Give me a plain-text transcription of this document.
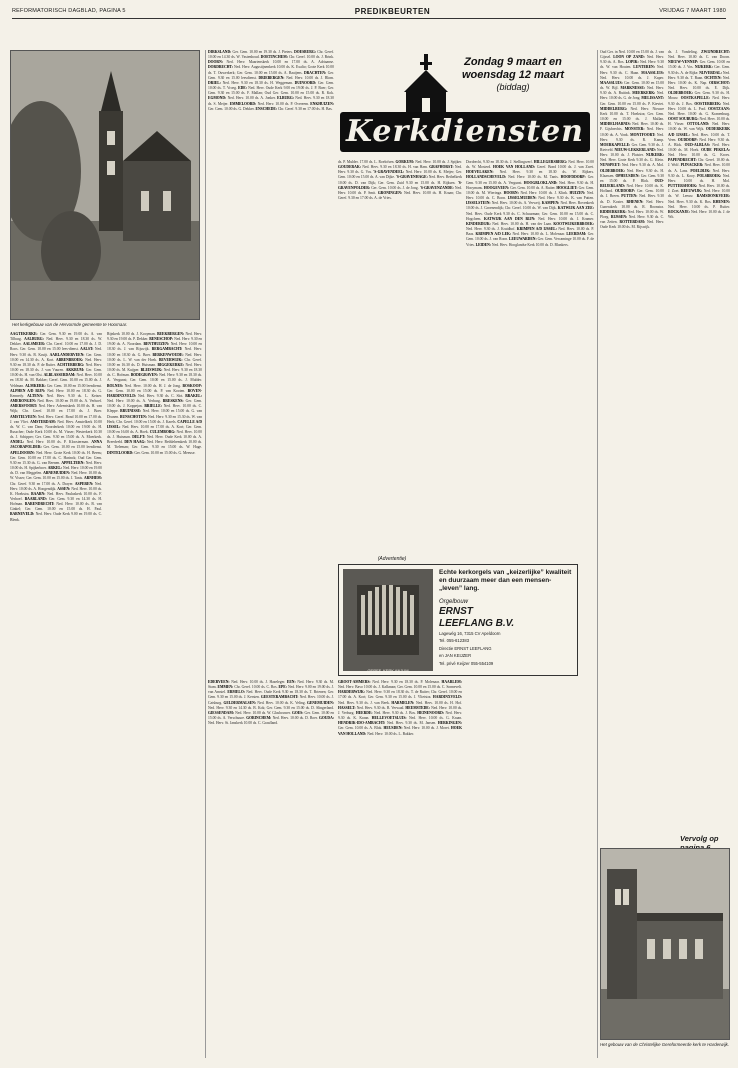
REFORMATORISCH DAGBLAD, PAGINA 5	PREDIKBEURTEN	VRIJDAG 7 MAART 1980
Het kerkgebouw van de Hervormde gemeente te Hoornaar.

AAGTEKERKE: Ger. Gem. 9.30 en 19.00 ds. A. van Tilburg. AALBURG: Ned. Herv. 9.30 en 18.30 ds. W. Dekker. AALSMEER: Chr. Geref. 10.00 en 17.00 ds. J. D. Roos. Ger. Gem. 10.00 en 15.00 lees-dienst. AALST: Ned. Herv. 9.30 ds. B. Kruijt. AARLANDERVEEN: Ger. Gem. 10.00 en 14.30 ds. A. Kort. ABBENBROEK: Ned. Herv. 9.30 en 18.30 ds. P. de Ruiter. ACHTERBERG: Ned. Herv. 10.00 en 18.30 ds. J. van Vuuren. AKKRUM: Ger. Gem. 10.00 ds. H. van Olst. ALBLASSERDAM: Ned. Herv. 10.00 en 18.30 ds. M. Bakker; Geref. Gem. 10.00 en 15.00 ds. J. Veldman. ALMKERK: Ger. Gem. 10.00 en 15.00 leesdienst. ALPHEN A/D RIJN: Ned. Herv. 10.00 en 18.30 ds. G. Kennedy. ALTENA: Ned. Herv. 9.30 ds. L. Keizer. AMERONGEN: Ned. Herv. 10.00 en 19.00 ds. A. Verhoef. AMERSFOORT: Ned. Herv. Adventskerk 10.00 ds. H. van Wijk; Chr. Geref. 10.00 en 17.00 ds. J. Boer. AMSTELVEEN: Ned. Herv. Geref. Bond 10.00 en 17.00 ds. J. van Vliet. AMSTERDAM: Ned. Herv. Amstelkerk 10.00 ds. W. C. van Dam; Noorderkerk 10.00 en 19.00 ds. H. Russcher; Oude Kerk 10.00 ds. M. Visser; Westerkerk 10.30 ds. J. Schipper; Ger. Gem. 9.30 en 15.00 ds. A. Moerkerk. ANDEL: Ned. Herv. 10.00 ds. P. Kloosterman. ANNA JACOBAPOLDER: Ger. Gem. 10.00 en 15.00 leesdienst. APELDOORN: Ned. Herv. Grote Kerk 10.00 ds. H. Beens; Ger. Gem. 10.00 en 17.00 ds. C. Harinck; Oud Ger. Gem. 9.30 en 15.30 ds. G. van Reenen. APPELTERN: Ned. Herv. 10.00 ds. H. Spijkerboer. ARKEL: Ned. Herv. 10.00 en 19.00 ds. D. van Meggelen. ARNEMUIDEN: Ned. Herv. 10.00 ds. W. Visser; Ger. Gem. 10.00 en 15.00 ds. J. Tanis. ARNHEM: Chr. Geref. 9.30 en 17.00 ds. A. Drayer. ASPEREN: Ned. Herv. 10.00 ds. A. Hoogendijk. ASSEN: Ned. Herv. 10.00 ds. K. Hoekstra. BAARN: Ned. Herv. Pauluskerk 10.00 ds. F. Verhoef. BAARLAND: Ger. Gem. 9.30 en 14.30 ds. H. Hofman. BARENDRECHT: Ned. Herv. 10.00 ds. B. van Ginkel; Ger. Gem. 10.00 en 15.00 ds. H. Paul. BARNEVELD: Ned. Herv. Oude Kerk 9.00 en 19.00 ds. C. Blenk.

Rijnkerk 10.00 ds. J. Kooyman. BEEKBERGEN: Ned. Herv. 9.30 en 19.00 ds. P. Dekker. BENESCHOP: Ned. Herv. 9.30 en 19.00 ds. A. Noordam. BENTHUIZEN: Ned. Herv. 10.00 en 18.30 ds. J. van Rijswijk. BERGAMBACHT: Ned. Herv. 10.00 en 18.30 ds. G. Boer. BERKENWOUDE: Ned. Herv. 10.00 ds. L. W. van der Hoek. BEVERWIJK: Chr. Geref. 10.00 en 16.30 ds. D. Huisman. BIGGEKERKE: Ned. Herv. 10.00 ds. M. Kuijper. BLEISWIJK: Ned. Herv. 9.30 en 18.30 ds. C. Hofman. BODEGRAVEN: Ned. Herv. 9.30 en 18.30 ds. A. Vergunst; Ger. Gem. 10.00 en 15.00 ds. J. Mulder. BOLNES: Ned. Herv. 10.00 ds. H. J. de Jong. BOSKOOP: Ger. Gem. 10.00 en 15.00 ds. P. van Kooten. BOVEN-HARDINXVELD: Ned. Herv. 9.30 ds. C. Slot. BRAKEL: Ned. Herv. 10.00 ds. A. Verburg. BRESKENS: Ger. Gem. 10.00 ds. J. Koppejan. BRIELLE: Ned. Herv. 10.00 ds. C. Kleppe. BRUINISSE: Ned. Herv. 10.00 en 15.00 ds. G. van Drunen. BUNSCHOTEN: Ned. Herv. 9.30 en 15.30 ds. W. van Herk; Chr. Geref. 10.00 en 15.00 ds. J. Karels. CAPELLE A/D IJSSEL: Ned. Herv. 10.00 en 17.00 ds. A. Kort; Ger. Gem. 10.00 en 16.00 ds. A. Hoek. CULEMBORG: Ned. Herv. 10.00 ds. J. Huisman. DELFT: Ned. Herv. Oude Kerk 10.00 ds. A. Breedveld. DEN HAAG: Ned. Herv. Bethlehemkerk 10.00 ds. M. Tieleman; Ger. Gem. 9.30 en 15.00 ds. W. Hage. DINTELOORD: Ger. Gem. 10.00 en 15.00 ds. G. Meeuse.

DIRKSLAND: Ger. Gem. 10.00 en 19.30 ds. J. Pieters. DOESBURG: Chr. Geref. 10.00 en 14.30 ds. W. Vastenhoud. DOETINCHEM: Chr. Geref. 10.00 ds. J. Brink. DOORN: Ned. Herv. Maartenskerk 10.00 en 17.00 ds. A. Adriaanse. DORDRECHT: Ned. Herv. Augustijnenkerk 10.00 ds. K. Exalto; Grote Kerk 10.00 ds. T. Ouwerkerk; Ger. Gem. 10.00 en 15.00 ds. A. Baaijens. DRACHTEN: Ger. Gem. 9.30 en 15.00 leesdienst. DRIEBERGEN: Ned. Herv. 10.00 ds. J. Blom. DRIEL: Ned. Herv. 9.30 en 18.30 ds. H. Weggeman. DUINOORD: Ger. Gem. 10.00 ds. T. Vroeg. EDE: Ned. Herv. Oude Kerk 9.00 en 19.00 ds. J. P. Boer; Ger. Gem. 9.30 en 15.00 ds. F. Mallan; Oud Ger. Gem. 10.00 en 15.00 ds. R. Kok. EGMOND: Ned. Herv. 10.00 ds. A. Jonker. ELBURG: Ned. Herv. 9.30 en 18.30 ds. S. Meijer. EMMELOORD: Ned. Herv. 10.00 ds. P. Overeem. ENKHUIZEN: Ger. Gem. 10.00 ds. G. Dekker. ENSCHEDE: Chr. Geref. 9.30 en 17.00 ds. H. Bas.

Zondag 9 maart en
woensdag 12 maart
(biddag)
Kerkdiensten

ds. P. Mulder. 17.00 ds. L. Roelofsen. GORKUM: Ned. Herv. 10.00 ds. J. Spijker. GOUDERAK: Ned. Herv. 9.30 en 18.30 ds. H. van Ham. GRAFHORST: Ned. Herv. 9.30 ds. G. Vos. 'S-GRAVENDEEL: Ned. Herv. 10.00 ds. K. Meijer; Ger. Gem. 10.00 en 15.00 ds. A. van Dijke. 'S-GRAVENHAGE: Ned. Herv. Bethelkerk 10.00 ds. D. van Dijk; Ger. Gem. Zuid 9.30 en 15.00 ds. H. Rijksen. 'S-GRAVENPOLDER: Ger. Gem. 10.00 ds. J. de Jong. 'S-GRAVENZANDE: Ned. Herv. 10.00 ds. P. Smit. GRONINGEN: Ned. Herv. 10.00 ds. H. Kraan; Chr. Geref. 9.30 en 17.00 ds. A. de Vries.

Dordrecht, 9.30 en 18.30 ds. J. Stellingwerf. HILLEGERSBERG: Ned. Herv. 10.00 ds. W. Mosterd. HOEK VAN HOLLAND: Geref. Bond 10.00 ds. J. van Zwet. HOEVELAKEN: Ned. Herv. 9.30 en 18.30 ds. W. Rijkers. HOLLANDSCHEVELD: Ned. Herv. 10.00 ds. M. Tanis. HOOFDDORP: Ger. Gem. 9.30 en 15.00 ds. A. Vergunst. HOOGBLOKLAND: Ned. Herv. 9.30 ds. H. Hooymans. HOOGEVEEN: Ger. Gem. 10.00 ds. A. Ruiter. HOOGLIET: Ger. Gem. 10.00 ds. M. Wieringa. HOORN: Ned. Herv. 10.00 ds. J. Klink. HUIZEN: Ned. Herv. 10.00 ds. C. Boon. IJSSELMUIDEN: Ned. Herv. 9.30 ds. K. van Putten. IJSSELSTEIN: Ned. Herv. 10.00 ds. A. Verweij. KAMPEN: Ned. Herv. Bovenkerk 10.00 ds. J. Groenendijk; Chr. Geref. 10.00 ds. W. van Dijk. KATWIJK AAN ZEE: Ned. Herv. Oude Kerk 9.30 ds. C. Schuurman; Ger. Gem. 10.00 en 15.00 ds. C. Hogchem. KATWIJK AAN DEN RIJN: Ned. Herv. 10.00 ds. J. Kramer. KINDERDIJK: Ned. Herv. 10.00 ds. H. van der Laan. KOOTWIJKERBROEK: Ned. Herv. 9.30 ds. J. Kruidhof. KRIMPEN A/D IJSSEL: Ned. Herv. 10.00 ds. P. Baas. KRIMPEN A/D LEK: Ned. Herv. 10.00 ds. L. Molenaar. LEERDAM: Ger. Gem. 10.00 ds. J. van Roon. LEEUWARDEN: Ger. Gem. Vercaminge 10.00 ds. F. de Vries. LEIDEN: Ned. Herv. Hooglandse Kerk 10.00 ds. D. Blankers.

(Advertentie)
GEREF. KERK ANJUM
Echte kerkorgels van „keizerlijke” kwaliteit en duurzaam meer dan een mensen-„leven” lang.
Orgelbouw
ERNST
LEEFLANG B.V.
Lagewég 16, 7315 CV Apeldoorn
Tel. 055-612383
Directie ERNST LEEFLANG
en JAN KEIJZER
Tel. privé Keijzer 055-554109

EDERVEEN: Ned. Herv. 10.00 ds. J. Hazeleger. EEN: Ned. Herv. 9.30 ds. M. Stam. EMMEN: Chr. Geref. 10.00 ds. C. Bos. EPE: Ned. Herv. 9.00 en 19.00 ds. J. van Amstel. ERMELO: Ned. Herv. Oude Kerk 9.30 en 18.30 ds. T. Brienen; Ger. Gem. 9.30 en 15.00 ds. J. Kersten. GEESTERAMBACHT: Ned. Herv. 10.00 ds. J. Catsburg. GELDERMALSEN: Ned. Herv. 10.00 ds. K. Veling. GENEMUIDEN: Ned. Herv. 9.30 en 14.30 ds. B. Kok; Ger. Gem. 9.30 en 15.00 ds. D. Slingerland. GIESSENDAM: Ned. Herv. 10.00 ds. W. Glashouwer. GOES: Ger. Gem. 10.00 en 15.00 ds. A. Verschuure. GORINCHEM: Ned. Herv. 10.00 ds. D. Boer. GOUDA: Ned. Herv. St. Janskerk 10.00 ds. C. Graafland.

GROOT-AMMERS: Ned. Herv. 9.30 en 18.30 ds. P. Molenaar. HAARLEM: Ned. Herv. Bavo 10.00 ds. J. Kalkman; Ger. Gem. 10.00 en 15.00 ds. C. Sonnevelt. HARDERWIJK: Ned. Herv. 9.30 en 18.30 ds. T. de Ruiter; Chr. Geref. 10.00 en 17.00 ds. A. Kort; Ger. Gem. 9.30 en 15.00 ds. J. Vlietstra. HARDINXVELD: Ned. Herv. 9.30 ds. J. van Beek. HARMELEN: Ned. Herv. 10.00 ds. H. Hof. HASSELT: Ned. Herv. 9.30 ds. B. Verwaal. HEEMSTEDE: Ned. Herv. 10.00 ds. J. Verburg. HEERDE: Ned. Herv. 9.30 ds. J. Bos. HEINENOORD: Ned. Herv. 9.30 ds. K. Kraan. HELLEVOETSLUIS: Ned. Herv. 10.00 ds. G. Kraan. HENDRIK-IDO-AMBACHT: Ned. Herv. 9.30 ds. M. Jansen. HERKINGEN: Ger. Gem. 10.00 ds. A. Blok. HEUSDEN: Ned. Herv. 10.00 ds. J. Moret. HOEK VAN HOLLAND: Ned. Herv. 10.00 ds. L. Bakker.

Oud Ger. in Ned. 10.00 en 15.00 ds. J. van Gijssel. LOON OP ZAND: Ned. Herv. 9.30 ds. A. Bos. LOPIK: Ned. Herv. 9.30 ds. W. van Houten. LUNTEREN: Ned. Herv. 9.30 ds. C. Haan. MAASSLUIS: Ned. Herv. 10.00 ds. J. Kaper. MAASSLUIS: Ger. Gem. 10.00 en 15.00 ds. W. Bijl. MARKNESSE: Ned. Herv. 9.30 ds. A. Buitink. MEERKERK: Ned. Herv. 10.00 ds. G. de Jong. MELISSANT: Ger. Gem. 10.00 en 15.00 ds. P. Kieviet. MIDDELBURG: Ned. Herv. Nieuwe Kerk 10.00 ds. T. Hoekstra; Ger. Gem. 10.00 en 15.00 ds. J. Mallan. MIDDELHARNIS: Ned. Herv. 10.00 ds. F. Gijsbrechts. MONSTER: Ned. Herv. 10.00 ds. A. Vonk. MONTFOORT: Ned. Herv. 9.30 ds. R. Kamp. MOERKAPELLE: Ger. Gem. 9.30 ds. J. Rietveld. NIEUW-LEKKERLAND: Ned. Herv. 10.00 ds. J. Plaisier. NIJKERK: Ned. Herv. Grote Kerk 9.30 ds. G. Klein. NUNSPEET: Ned. Herv. 9.30 ds. A. Mol. OLDEBROEK: Ned. Herv. 9.30 ds. H. Klaassen. OPHEUSDEN: Ger. Gem. 9.30 en 15.00 ds. P. Blok. OUD-BEIJERLAND: Ned. Herv. 10.00 ds. K. Hofland. OUDDORP: Ger. Gem. 10.00 ds. J. Breen. PUTTEN: Ned. Herv. 9.30 ds. D. Koster. RHENEN: Ned. Herv. Cunerakerk 10.00 ds. R. Boonstra. RIDDERKERK: Ned. Herv. 10.00 ds. W. Ploeg. RIJSSEN: Ned. Herv. 9.30 ds. C. van Zetten. ROTTERDAM: Ned. Herv. Oude Kerk 10.00 ds. M. Rijswijk.

ds. J. Vondeling. ZWIJNDRECHT: Ned. Herv. 10.00 ds. C. van Doorn. NIEUW-VENNEP: Ger. Gem. 10.00 en 15.00 ds. J. Vos. NIJKERK: Ger. Gem. 9.30 ds. A. de Rijke. NIJVERDAL: Ned. Herv. 9.30 ds. T. Baan. OCHTEN: Ned. Herv. 10.00 ds. K. Nap. OIRSCHOT: Ned. Herv. 10.00 ds. E. Dijk. OLDEBROEK: Ger. Gem. 9.30 ds. H. Mouw. OOSTKAPELLE: Ned. Herv. 9.30 ds. J. Bos. OOSTERBEEK: Ned. Herv. 10.00 ds. L. Pool. OOSTZAAN: Ned. Herv. 10.00 ds. G. Kranenburg. OOST SOUBURG: Ned. Herv. 10.00 ds. H. Visser. OTTOLAND: Ned. Herv. 10.00 ds. W. van Wijk. OUDERKERK A/D IJSSEL: Ned. Herv. 10.00 ds. T. Veen. OUDDORP: Ned. Herv. 9.30 ds. A. Blok. OUD-ALBLAS: Ned. Herv. 10.00 ds. M. Hoek. OUDE PEKELA: Ned. Herv. 10.00 ds. G. Kroes. PAPENDRECHT: Chr. Geref. 10.00 ds. J. Wolf. PIJNACKER: Ned. Herv. 10.00 ds. A. Lans. POELDIJK: Ned. Herv. 9.30 ds. L. Kooy. POLSBROEK: Ned. Herv. 10.00 ds. H. Mol. PUTTERSHOEK: Ned. Herv. 10.00 ds. J. Zoet. REEUWIJK: Ned. Herv. 10.00 ds. W. Leeuw. RAMSDONKVEER: Ned. Herv. 9.30 ds. K. Bos. RHENEN: Ned. Herv. 10.00 ds. P. Ruiter. ROCKANJE: Ned. Herv. 10.00 ds. J. de Wit.

Vervolg op
Het gebouw van de Christelijke Gereformeerde kerk te Harderwijk.
